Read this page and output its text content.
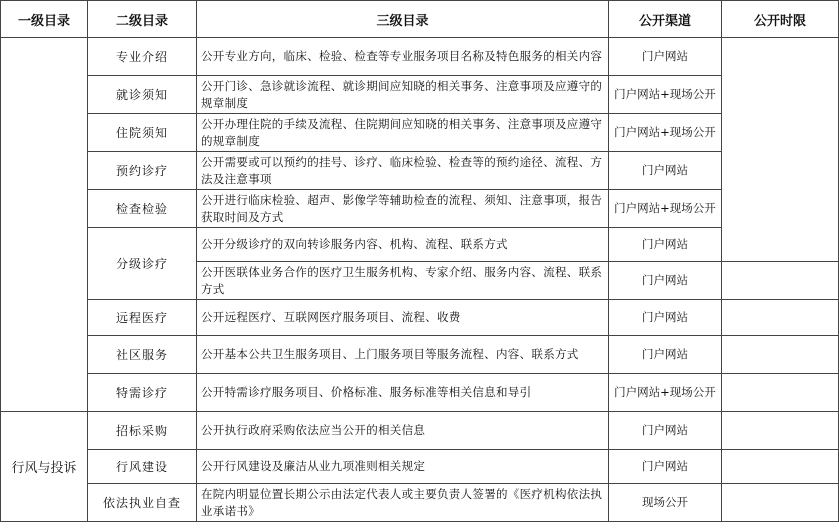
一级目录	二级目录	三级目录	公开渠道	公开时限
	专业介绍	公开专业方向，临床、检验、检查等专业服务项目名称及特色服务的相关内容	门户网站	
	就诊须知	公开门诊、急诊就诊流程、就诊期间应知晓的相关事务、注意事项及应遵守的规章制度	门户网站+现场公开	
	住院须知	公开办理住院的手续及流程、住院期间应知晓的相关事务、注意事项及应遵守的规章制度	门户网站+现场公开	
	预约诊疗	公开需要或可以预约的挂号、诊疗、临床检验、检查等的预约途径、流程、方法及注意事项	门户网站	
	检查检验	公开进行临床检验、超声、影像学等辅助检查的流程、须知、注意事项，报告获取时间及方式	门户网站+现场公开	
	分级诊疗	公开分级诊疗的双向转诊服务内容、机构、流程、联系方式	门户网站	
		公开医联体业务合作的医疗卫生服务机构、专家介绍、服务内容、流程、联系方式	门户网站	
	远程医疗	公开远程医疗、互联网医疗服务项目、流程、收费	门户网站	
	社区服务	公开基本公共卫生服务项目、上门服务项目等服务流程、内容、联系方式	门户网站	
	特需诊疗	公开特需诊疗服务项目、价格标准、服务标准等相关信息和导引	门户网站+现场公开	
行风与投诉	招标采购	公开执行政府采购依法应当公开的相关信息	门户网站	
	行风建设	公开行风建设及廉洁从业九项准则相关规定	门户网站	
	依法执业自查	在院内明显位置长期公示由法定代表人或主要负责人签署的《医疗机构依法执业承诺书》	现场公开	
